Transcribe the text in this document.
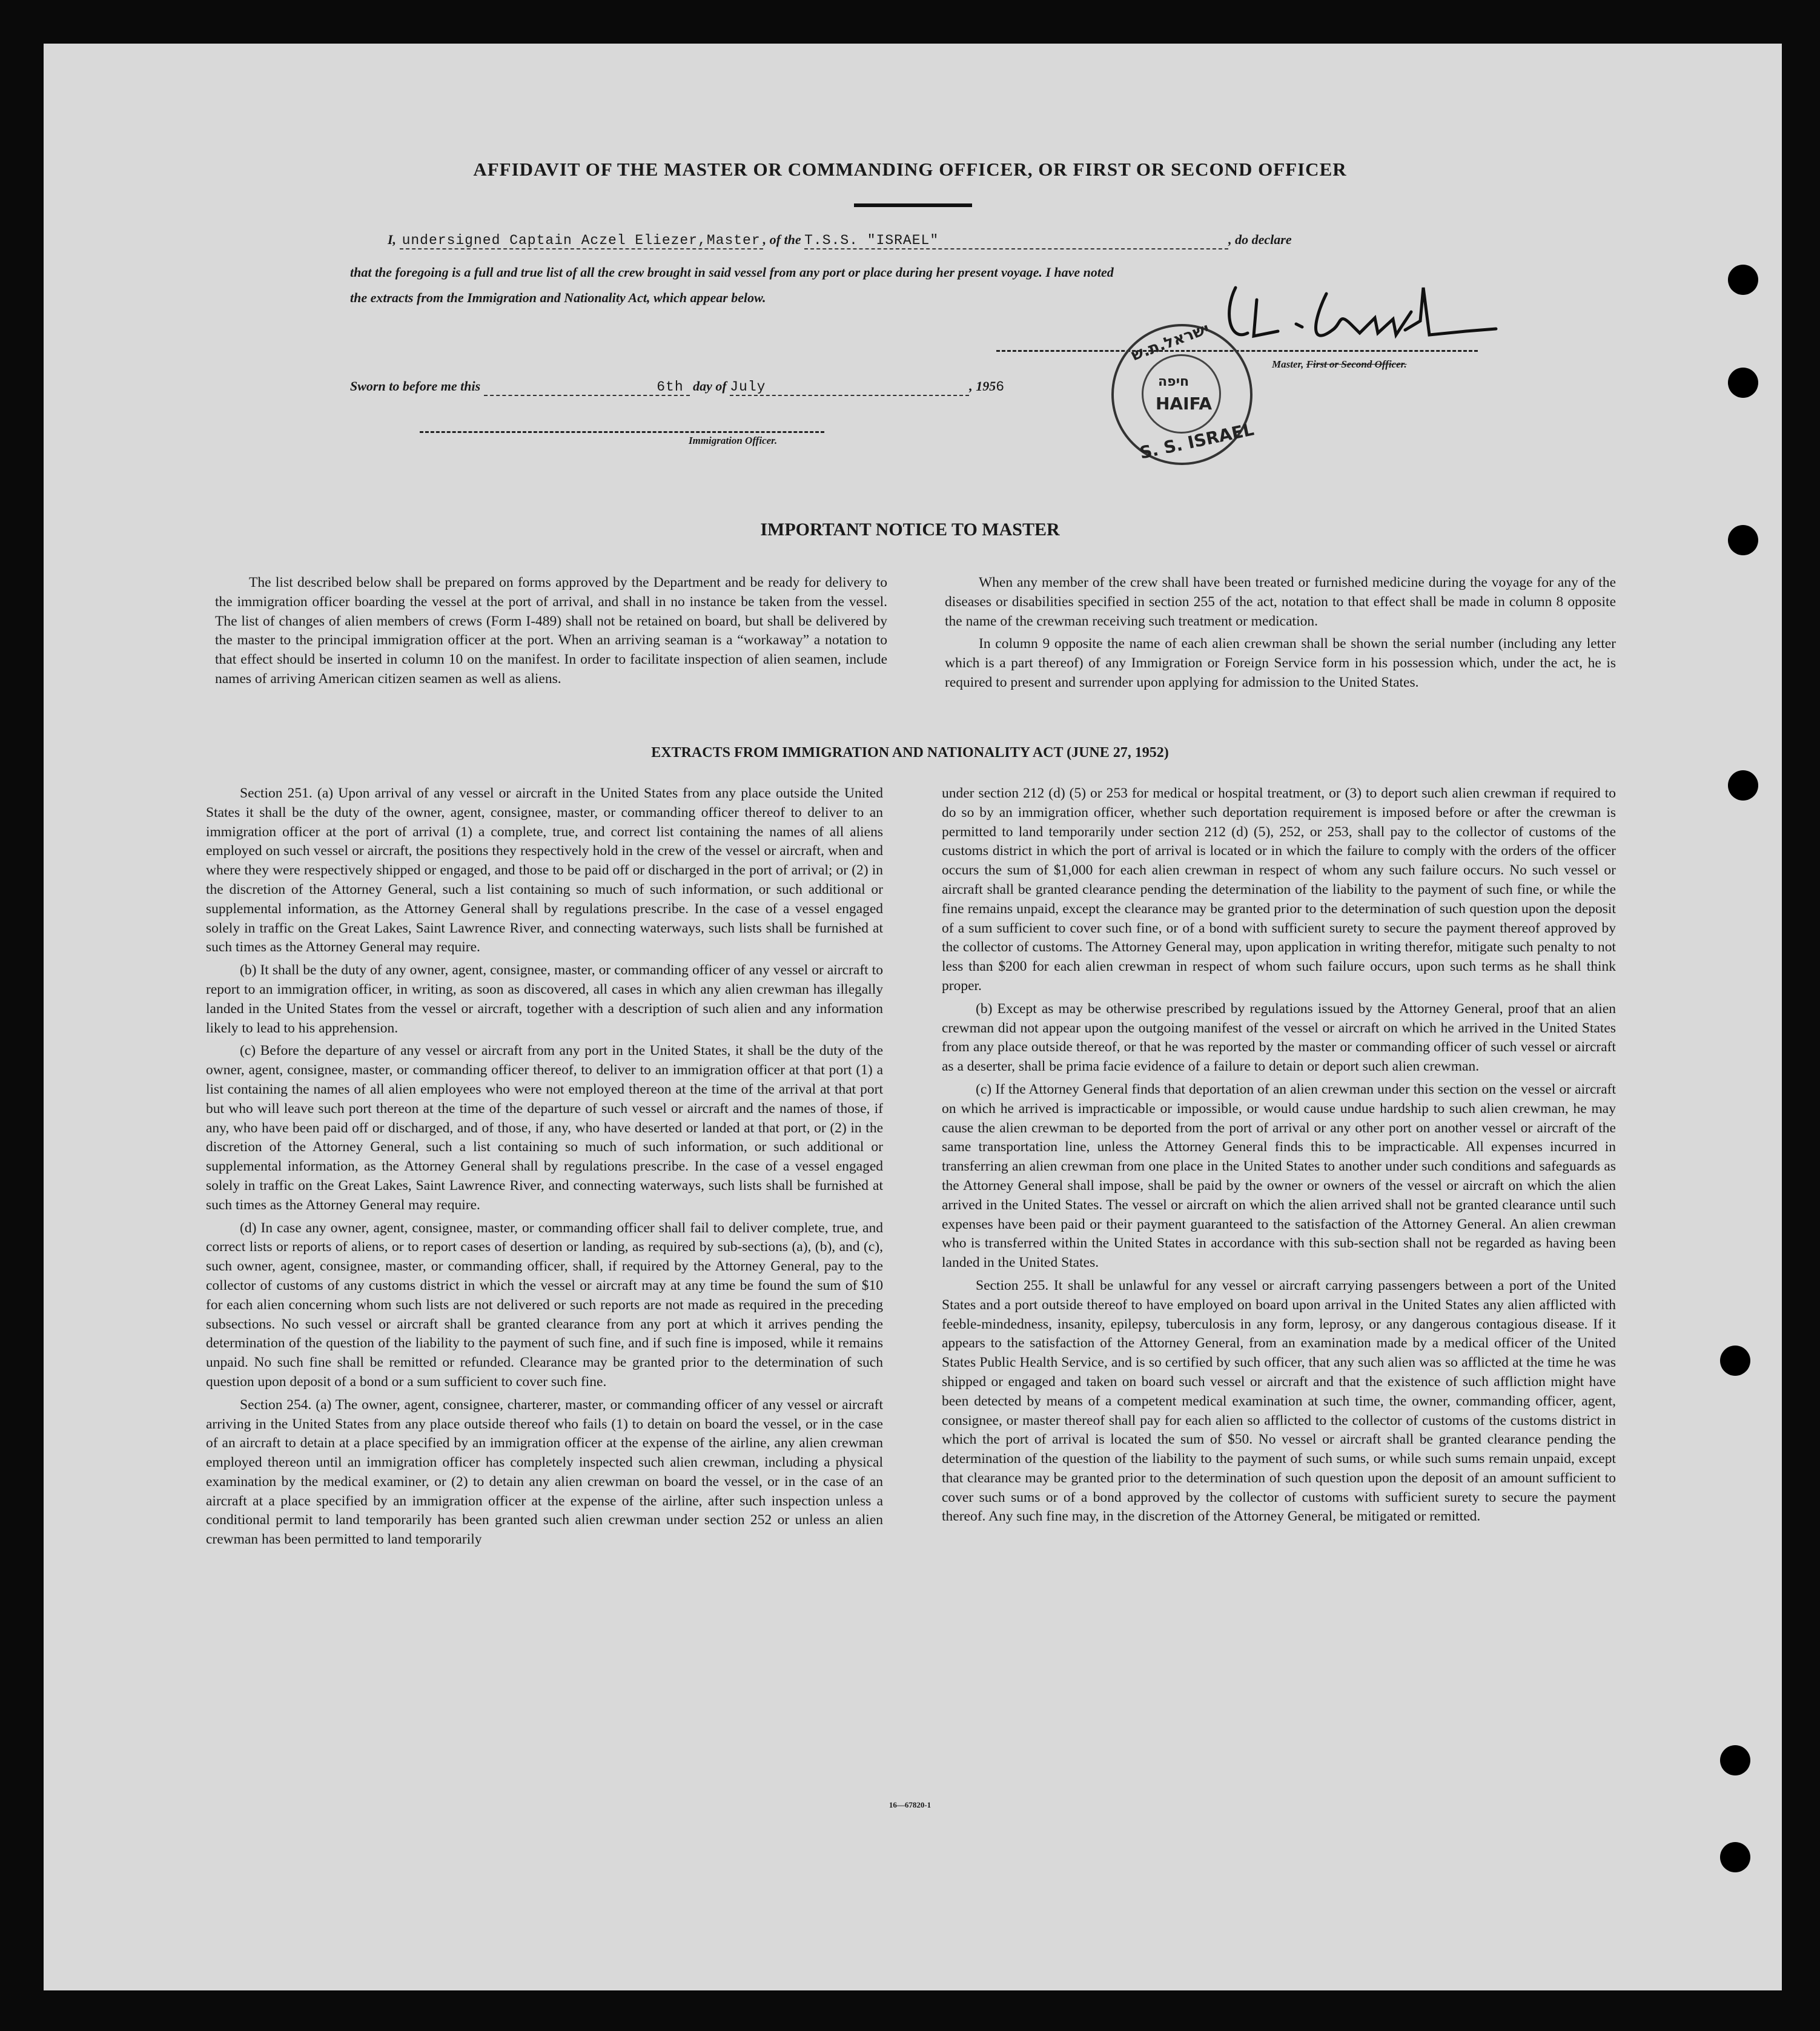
AFFIDAVIT OF THE MASTER OR COMMANDING OFFICER, OR FIRST OR SECOND OFFICER
I, undersigned Captain Aczel Eliezer,Master , of the T.S.S. "ISRAEL"	, do declare
that the foregoing is a full and true list of all the crew brought in said vessel from any port or place during her present voyage. I have noted
the extracts from the Immigration and Nationality Act, which appear below.
Master, First or Second Officer.
ישראל.ת.ש
חיפה
HAIFA
S. S. ISRAEL
Sworn to before me this	6th day of July	, 1956
Immigration Officer.
IMPORTANT NOTICE TO MASTER

The list described below shall be prepared on forms approved by the Department and be ready for delivery to the immigration officer boarding the vessel at the port of arrival, and shall in no instance be taken from the vessel. The list of changes of alien members of crews (Form I-489) shall not be retained on board, but shall be delivered by the master to the principal immigration officer at the port. When an arriving seaman is a “workaway” a notation to that effect should be inserted in column 10 on the manifest. In order to facilitate inspection of alien seamen, include names of arriving American citizen seamen as well as aliens.

When any member of the crew shall have been treated or furnished medicine during the voyage for any of the diseases or disabilities specified in section 255 of the act, notation to that effect shall be made in column 8 opposite the name of the crewman receiving such treatment or medication.

In column 9 opposite the name of each alien crewman shall be shown the serial number (including any letter which is a part thereof) of any Immigration or Foreign Service form in his possession which, under the act, he is required to present and surrender upon applying for admission to the United States.

EXTRACTS FROM IMMIGRATION AND NATIONALITY ACT (JUNE 27, 1952)

Section 251. (a) Upon arrival of any vessel or aircraft in the United States from any place outside the United States it shall be the duty of the owner, agent, consignee, master, or commanding officer thereof to deliver to an immigration officer at the port of arrival (1) a complete, true, and correct list containing the names of all aliens employed on such vessel or aircraft, the positions they respectively hold in the crew of the vessel or aircraft, when and where they were respectively shipped or engaged, and those to be paid off or discharged in the port of arrival; or (2) in the discretion of the Attorney General, such a list containing so much of such information, or such additional or supplemental information, as the Attorney General shall by regulations prescribe. In the case of a vessel engaged solely in traffic on the Great Lakes, Saint Lawrence River, and connecting waterways, such lists shall be furnished at such times as the Attorney General may require.

(b) It shall be the duty of any owner, agent, consignee, master, or commanding officer of any vessel or aircraft to report to an immigration officer, in writing, as soon as discovered, all cases in which any alien crewman has illegally landed in the United States from the vessel or aircraft, together with a description of such alien and any information likely to lead to his apprehension.

(c) Before the departure of any vessel or aircraft from any port in the United States, it shall be the duty of the owner, agent, consignee, master, or commanding officer thereof, to deliver to an immigration officer at that port (1) a list containing the names of all alien employees who were not employed thereon at the time of the arrival at that port but who will leave such port thereon at the time of the departure of such vessel or aircraft and the names of those, if any, who have been paid off or discharged, and of those, if any, who have deserted or landed at that port, or (2) in the discretion of the Attorney General, such a list containing so much of such information, or such additional or supplemental information, as the Attorney General shall by regulations prescribe. In the case of a vessel engaged solely in traffic on the Great Lakes, Saint Lawrence River, and connecting waterways, such lists shall be furnished at such times as the Attorney General may require.

(d) In case any owner, agent, consignee, master, or commanding officer shall fail to deliver complete, true, and correct lists or reports of aliens, or to report cases of desertion or landing, as required by sub-sections (a), (b), and (c), such owner, agent, consignee, master, or commanding officer, shall, if required by the Attorney General, pay to the collector of customs of any customs district in which the vessel or aircraft may at any time be found the sum of $10 for each alien concerning whom such lists are not delivered or such reports are not made as required in the preceding subsections. No such vessel or aircraft shall be granted clearance from any port at which it arrives pending the determination of the question of the liability to the payment of such fine, and if such fine is imposed, while it remains unpaid. No such fine shall be remitted or refunded. Clearance may be granted prior to the determination of such question upon deposit of a bond or a sum sufficient to cover such fine.

Section 254. (a) The owner, agent, consignee, charterer, master, or commanding officer of any vessel or aircraft arriving in the United States from any place outside thereof who fails (1) to detain on board the vessel, or in the case of an aircraft to detain at a place specified by an immigration officer at the expense of the airline, any alien crewman employed thereon until an immigration officer has completely inspected such alien crewman, including a physical examination by the medical examiner, or (2) to detain any alien crewman on board the vessel, or in the case of an aircraft at a place specified by an immigration officer at the expense of the airline, after such inspection unless a conditional permit to land temporarily has been granted such alien crewman under section 252 or unless an alien crewman has been permitted to land temporarily

under section 212 (d) (5) or 253 for medical or hospital treatment, or (3) to deport such alien crewman if required to do so by an immigration officer, whether such deportation requirement is imposed before or after the crewman is permitted to land temporarily under section 212 (d) (5), 252, or 253, shall pay to the collector of customs of the customs district in which the port of arrival is located or in which the failure to comply with the orders of the officer occurs the sum of $1,000 for each alien crewman in respect of whom any such failure occurs. No such vessel or aircraft shall be granted clearance pending the determination of the liability to the payment of such fine, or while the fine remains unpaid, except the clearance may be granted prior to the determination of such question upon the deposit of a sum sufficient to cover such fine, or of a bond with sufficient surety to secure the payment thereof approved by the collector of customs. The Attorney General may, upon application in writing therefor, mitigate such penalty to not less than $200 for each alien crewman in respect of whom such failure occurs, upon such terms as he shall think proper.

(b) Except as may be otherwise prescribed by regulations issued by the Attorney General, proof that an alien crewman did not appear upon the outgoing manifest of the vessel or aircraft on which he arrived in the United States from any place outside thereof, or that he was reported by the master or commanding officer of such vessel or aircraft as a deserter, shall be prima facie evidence of a failure to detain or deport such alien crewman.

(c) If the Attorney General finds that deportation of an alien crewman under this section on the vessel or aircraft on which he arrived is impracticable or impossible, or would cause undue hardship to such alien crewman, he may cause the alien crewman to be deported from the port of arrival or any other port on another vessel or aircraft of the same transportation line, unless the Attorney General finds this to be impracticable. All expenses incurred in transferring an alien crewman from one place in the United States to another under such conditions and safeguards as the Attorney General shall impose, shall be paid by the owner or owners of the vessel or aircraft on which the alien arrived in the United States. The vessel or aircraft on which the alien arrived shall not be granted clearance until such expenses have been paid or their payment guaranteed to the satisfaction of the Attorney General. An alien crewman who is transferred within the United States in accordance with this sub-section shall not be regarded as having been landed in the United States.

Section 255. It shall be unlawful for any vessel or aircraft carrying passengers between a port of the United States and a port outside thereof to have employed on board upon arrival in the United States any alien afflicted with feeble-mindedness, insanity, epilepsy, tuberculosis in any form, leprosy, or any dangerous contagious disease. If it appears to the satisfaction of the Attorney General, from an examination made by a medical officer of the United States Public Health Service, and is so certified by such officer, that any such alien was so afflicted at the time he was shipped or engaged and taken on board such vessel or aircraft and that the existence of such affliction might have been detected by means of a competent medical examination at such time, the owner, commanding officer, agent, consignee, or master thereof shall pay for each alien so afflicted to the collector of customs of the customs district in which the port of arrival is located the sum of $50. No vessel or aircraft shall be granted clearance pending the determination of the question of the liability to the payment of such sums, or while such sums remain unpaid, except that clearance may be granted prior to the determination of such question upon the deposit of an amount sufficient to cover such sums or of a bond approved by the collector of customs with sufficient surety to secure the payment thereof. Any such fine may, in the discretion of the Attorney General, be mitigated or remitted.

16—67820-1
